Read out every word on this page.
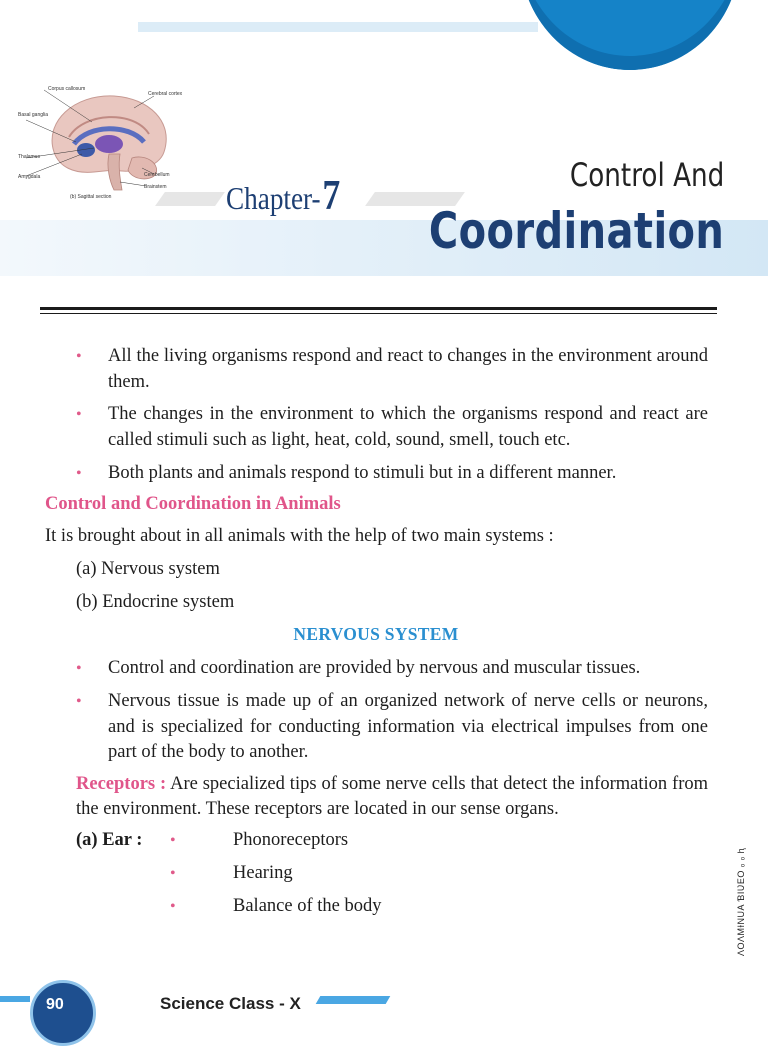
Corpus callosum
Cerebral cortex
Basal ganglia
Thalamus
Amygdala	Cerebellum
Brainstem
(b) Sagittal section	Chapter-7	Control And
Coordination
• All the living organisms respond and react to changes in the environment around them.
• The changes in the environment to which the organisms respond and react are called stimuli such as light, heat, cold, sound, smell, touch etc.
• Both plants and animals respond to stimuli but in a different manner.
Control and Coordination in Animals
It is brought about in all animals with the help of two main systems :
(a) Nervous system
(b) Endocrine system
NERVOUS SYSTEM
• Control and coordination are provided by nervous and muscular tissues.
• Nervous tissue is made up of an organized network of nerve cells or neurons, and is specialized for conducting information via electrical impulses from one part of the body to another.
Receptors : Are specialized tips of some nerve cells that detect the information from the environment. These receptors are located in our sense organs.
(a) Ear : •	Phonoreceptors
•	Hearing
•	Balance of the body	ɅOɅMƗNUA ƁIƲEO ₒ ₒ ⱨ
90	Science Class - X
